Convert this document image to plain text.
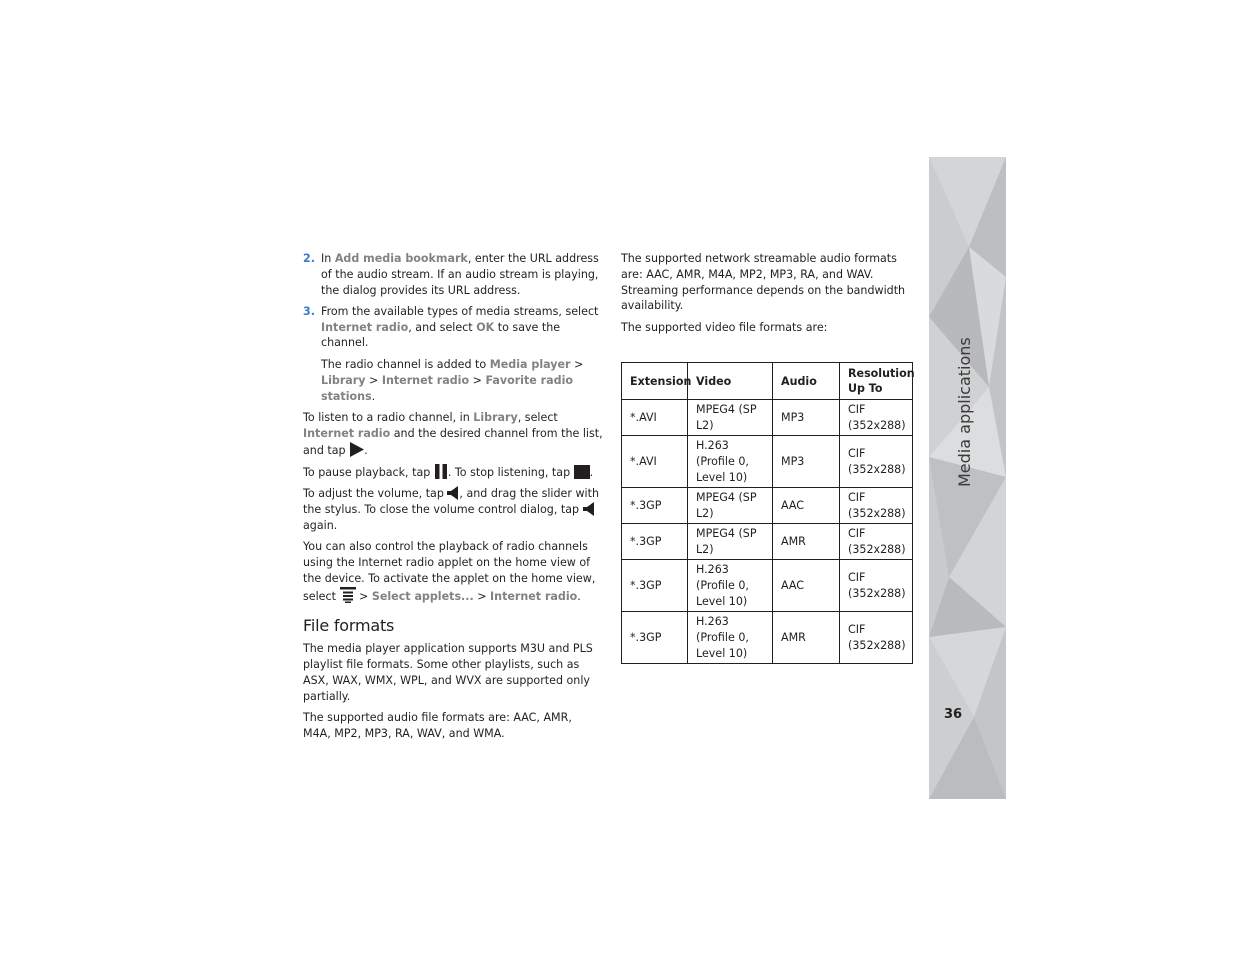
2. In Add media bookmark, enter the URL address of the audio stream. If an audio stream is playing, the dialog provides its URL address.
3. From the available types of media streams, select Internet radio, and select OK to save the channel.

The radio channel is added to Media player > Library > Internet radio > Favorite radio stations.

To listen to a radio channel, in Library, select Internet radio and the desired channel from the list, and tap
.

To pause playback, tap
. To stop listening, tap
.

To adjust the volume, tap
, and drag the slider with the stylus. To close the volume control dialog, tap
again.

You can also control the playback of radio channels using the Internet radio applet on the home view of the device. To activate the applet on the home view, select
> Select applets... > Internet radio.

File formats

The media player application supports M3U and PLS playlist file formats. Some other playlists, such as ASX, WAX, WMX, WPL, and WVX are supported only partially.

The supported audio file formats are: AAC, AMR, M4A, MP2, MP3, RA, WAV, and WMA.

The supported network streamable audio formats are: AAC, AMR, M4A, MP2, MP3, RA, and WAV. Streaming performance depends on the bandwidth availability.

The supported video file formats are:

Extension	Video	Audio	Resolution Up To
*.AVI	MPEG4 (SP L2)	MP3	CIF (352x288)
*.AVI	H.263 (Profile 0, Level 10)	MP3	CIF (352x288)
*.3GP	MPEG4 (SP L2)	AAC	CIF (352x288)
*.3GP	MPEG4 (SP L2)	AMR	CIF (352x288)
*.3GP	H.263 (Profile 0, Level 10)	AAC	CIF (352x288)
*.3GP	H.263 (Profile 0, Level 10)	AMR	CIF (352x288)
Media applications
36
